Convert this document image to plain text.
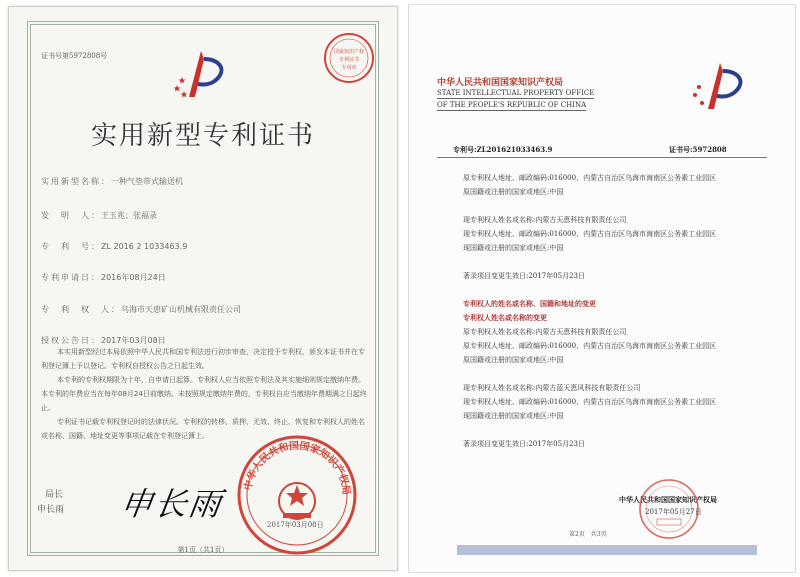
证书号第5972808号	国家知识产权
专利证书
专用章
实用新型专利证书
实用新型名称：一种气垫带式输送机
发　明　人：王玉兆；张福录
专　利　号：ZL 2016 2 1033463.9
专利申请日：2016年08月24日
专　利　权　人：乌海市天恵矿山机械有限责任公司
授权公告日：2017年03月08日
本实用新型经过本局依照中华人民共和国专利法进行初步审查，决定授予专利权，颁发本证书并在专利登记簿上予以登记。专利权自授权公告之日起生效。
本专利的专利权期限为十年，自申请日起算。专利权人应当依照专利法及其实施细则规定缴纳年费。本专利的年费应当在每年08月24日前缴纳。未按照规定缴纳年费的，专利权自应当缴纳年费期满之日起终止。
专利证书记载专利权登记时的法律状况。专利权的转移、质押、无效、终止、恢复和专利权人的姓名或名称、国籍、地址变更等事项记载在专利登记簿上。
局长
申长雨 申长雨 中华人民共和国国家知识产权局
2017年03月08日
第1页（共1页）
中华人民共和国国家知识产权局
STATE INTELLECTUAL PROPERTY OFFICE
OF THE PEOPLE'S REPUBLIC OF CHINA
专利号:ZL201621033463.9	证书号:5972808
原专利权人地址、邮政编码:016000，内蒙古自治区乌海市海南区公务素工业园区
原国籍或注册的国家或地区:中国
现专利权人姓名或名称:内蒙古天恵科技有限责任公司
现专利权人地址、邮政编码:016000，内蒙古自治区乌海市海南区公务素工业园区
现国籍或注册的国家或地区:中国
著录项目变更生效日:2017年05月23日
专利权人的姓名或名称、国籍和地址的变更
专利权人姓名或名称的变更
原专利权人姓名或名称:内蒙古天恵科技有限责任公司
原专利权人地址、邮政编码:016000，内蒙古自治区乌海市海南区公务素工业园区
原国籍或注册的国家或地区:中国
现专利权人姓名或名称:内蒙古蓝天恵风科技有限责任公司
现专利权人地址、邮政编码:016000，内蒙古自治区乌海市海南区公务素工业园区
现国籍或注册的国家或地区:中国
著录项目变更生效日:2017年05月23日
中华人民共和国国家知识产权局
2017年05月27日
第2页　共3页
